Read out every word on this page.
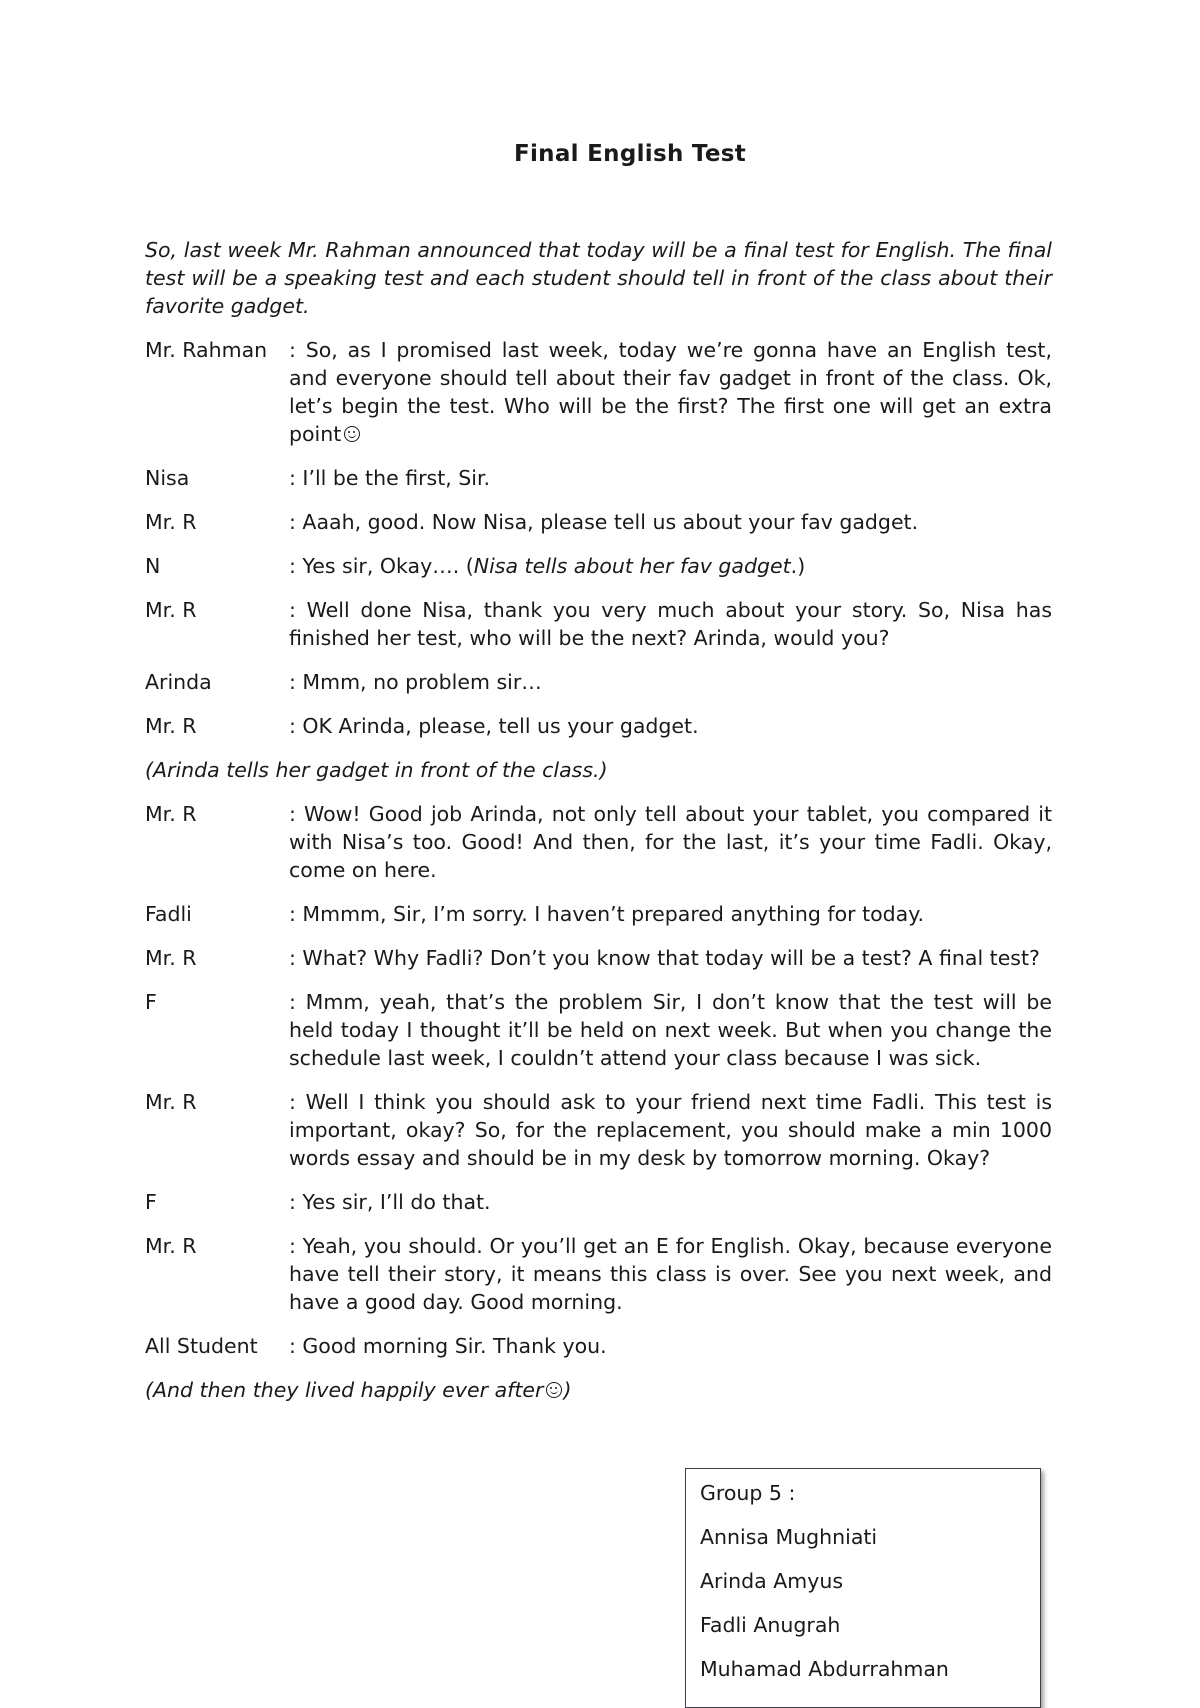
Final English Test

So, last week Mr. Rahman announced that today will be a final test for English. The final test will be a speaking test and each student should tell in front of the class about their favorite gadget.

Mr. Rahman	: So, as I promised last week, today we’re gonna have an English test, and everyone should tell about their fav gadget in front of the class. Ok, let’s begin the test. Who will be the first? The first one will get an extra point
Nisa	: I’ll be the first, Sir.
Mr. R	: Aaah, good. Now Nisa, please tell us about your fav gadget.
N	: Yes sir, Okay…. (Nisa tells about her fav gadget.)
Mr. R	: Well done Nisa, thank you very much about your story. So, Nisa has finished her test, who will be the next? Arinda, would you?
Arinda	: Mmm, no problem sir…
Mr. R	: OK Arinda, please, tell us your gadget.
(Arinda tells her gadget in front of the class.)
Mr. R	: Wow! Good job Arinda, not only tell about your tablet, you compared it with Nisa’s too. Good! And then, for the last, it’s your time Fadli. Okay, come on here.
Fadli	: Mmmm, Sir, I’m sorry. I haven’t prepared anything for today.
Mr. R	: What? Why Fadli? Don’t you know that today will be a test? A final test?
F	: Mmm, yeah, that’s the problem Sir, I don’t know that the test will be held today I thought it’ll be held on next week. But when you change the schedule last week, I couldn’t attend your class because I was sick.
Mr. R	: Well I think you should ask to your friend next time Fadli. This test is important, okay? So, for the replacement, you should make a min 1000 words essay and should be in my desk by tomorrow morning. Okay?
F	: Yes sir, I’ll do that.
Mr. R	: Yeah, you should. Or you’ll get an E for English. Okay, because everyone have tell their story, it means this class is over. See you next week, and have a good day. Good morning.
All Student	: Good morning Sir. Thank you.
(And then they lived happily ever after )
Group 5 :
Annisa Mughniati
Arinda Amyus
Fadli Anugrah
Muhamad Abdurrahman
